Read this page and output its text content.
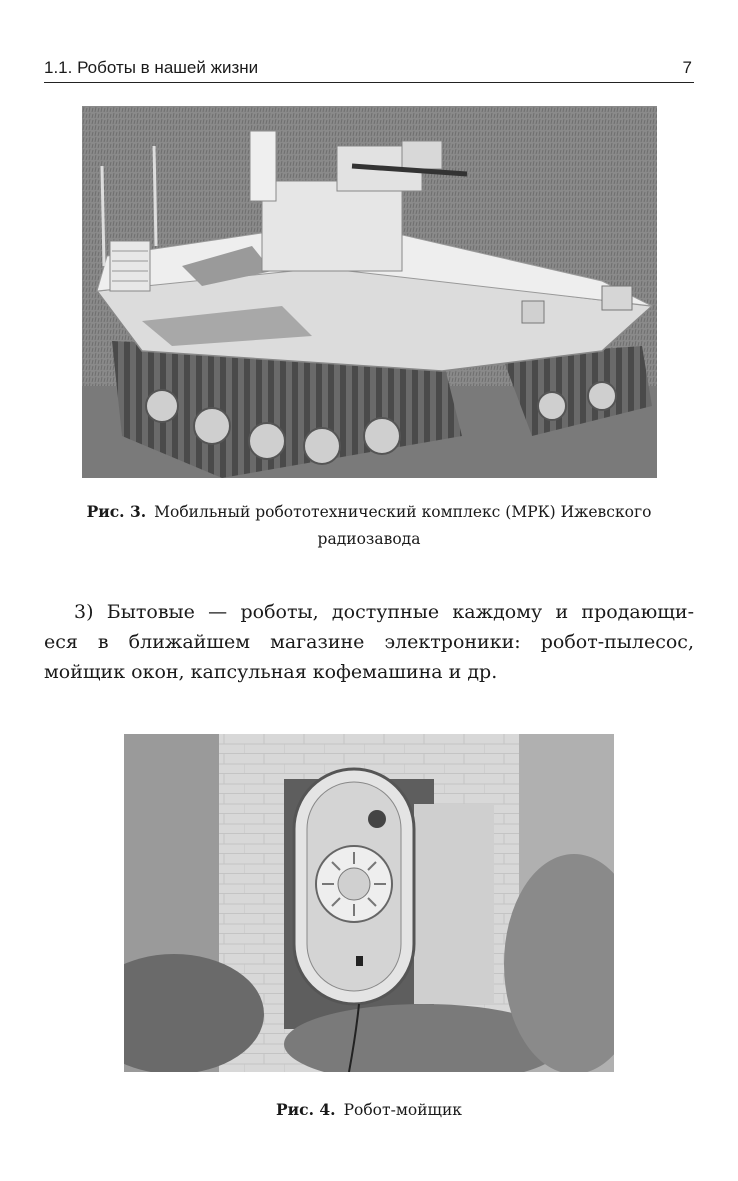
1.1. Роботы в нашей жизни	7
Рис. 3. Мобильный робототехнический комплекс (МРК) Ижевского
радиозавода
3) Бытовые — роботы, доступные каждому и продающи-
еся в ближайшем магазине электроники: робот-пылесос,
мойщик окон, капсульная кофемашина и др.
Рис. 4. Робот-мойщик
